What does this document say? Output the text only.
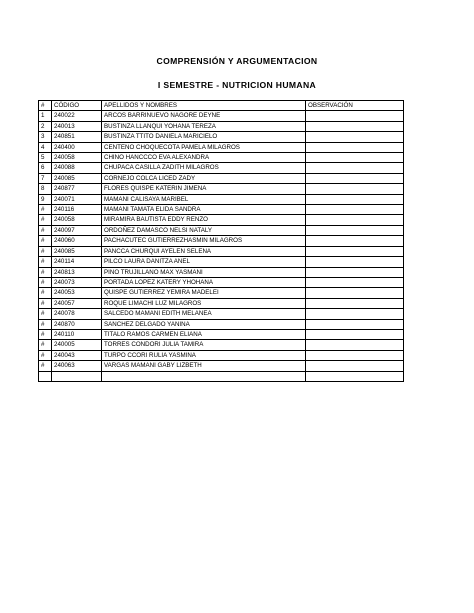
COMPRENSIÓN Y ARGUMENTACION
I SEMESTRE - NUTRICION HUMANA
#	CÓDIGO	APELLIDOS Y NOMBRES	OBSERVACIÓN
1	240022	ARCOS BARRINUEVO NAGORE DEYNE	
2	240013	BUSTINZA LLANQUI YOHANA TEREZA	
3	240851	BUSTINZA TTITO DANIELA MARICIELO	
4	240400	CENTENO CHOQUECOTA PAMELA MILAGROS	
5	240058	CHINO HANCCCO EVA ALEXANDRA	
6	240088	CHUPACA CASILLA ZADITH MILAGROS	
7	240085	CORNEJO COLCA LICED ZADY	
8	240877	FLORES QUISPE KATERIN JIMENA	
9	240071	MAMANI CALISAYA MARIBEL	
#	240116	MAMANI TAMATA ELIDA SANDRA	
#	240058	MIRAMIRA BAUTISTA EDDY RENZO	
#	240097	ORDOÑEZ DAMASCO NELSI NATALY	
#	240060	PACHACUTEC GUTIERREZHASMIN MILAGROS	
#	240085	PANCCA CHURQUI AYELEN SELENA	
#	240114	PILCO LAURA DANITZA ANEL	
#	240813	PINO TRUJILLANO MAX YASMANI	
#	240073	PORTADA LOPEZ KATERY YHOHANA	
#	240053	QUISPE GUTIERREZ YEMIRA MADELEI	
#	240057	ROQUE LIMACHI LUZ MILAGROS	
#	240078	SALCEDO MAMANI EDITH MELANEA	
#	240870	SANCHEZ DELGADO YANINA	
#	240110	TITALO RAMOS CARMEN ELIANA	
#	240005	TORRES CONDORI JULIA TAMIRA	
#	240043	TURPO CCORI RULIA YASMINA	
#	240063	VARGAS MAMANI GABY LIZBETH	
